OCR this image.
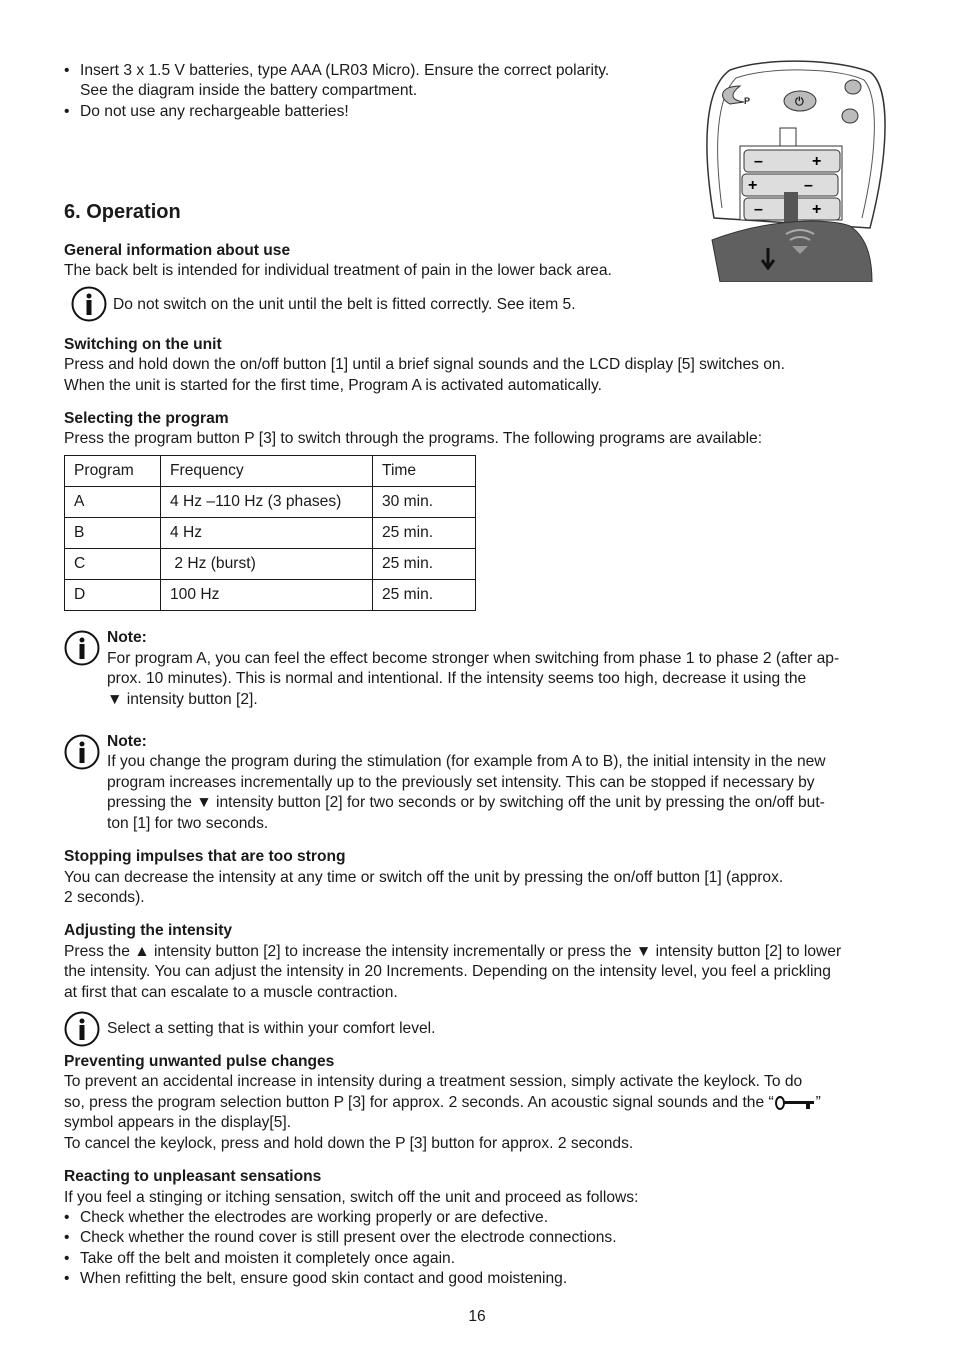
• Insert 3 x 1.5 V batteries, type AAA (LR03 Micro). Ensure the correct polarity.
See the diagram inside the battery compartment.
• Do not use any rechargeable batteries!
P	⏻
–	+
+	–
–	+
6. Operation
General information about use
The back belt is intended for individual treatment of pain in the lower back area.
Do not switch on the unit until the belt is fitted correctly. See item 5.
Switching on the unit
Press and hold down the on/off button [1] until a brief signal sounds and the LCD display [5] switches on.
When the unit is started for the first time, Program A is activated automatically.
Selecting the program
Press the program button P [3] to switch through the programs. The following programs are available:
Program	Frequency	Time
A	4 Hz –110 Hz (3 phases)	30 min.
B	4 Hz	25 min.
C	2 Hz (burst)	25 min.
D	100 Hz	25 min.
Note:
For program A, you can feel the effect become stronger when switching from phase 1 to phase 2 (after ap-
prox. 10 minutes). This is normal and intentional. If the intensity seems too high, decrease it using the
▼ intensity button [2].
Note:
If you change the program during the stimulation (for example from A to B), the initial intensity in the new
program increases incrementally up to the previously set intensity. This can be stopped if necessary by
pressing the ▼ intensity button [2] for two seconds or by switching off the unit by pressing the on/off but-
ton [1] for two seconds.
Stopping impulses that are too strong
You can decrease the intensity at any time or switch off the unit by pressing the on/off button [1] (approx.
2 seconds).
Adjusting the intensity
Press the ▲ intensity button [2] to increase the intensity incrementally or press the ▼ intensity button [2] to lower
the intensity. You can adjust the intensity in 20 Increments. Depending on the intensity level, you feel a prickling
at first that can escalate to a muscle contraction.
Select a setting that is within your comfort level.
Preventing unwanted pulse changes
To prevent an accidental increase in intensity during a treatment session, simply activate the keylock. To do
so, press the program selection button P [3] for approx. 2 seconds. An acoustic signal sounds and the “	”
symbol appears in the display[5].
To cancel the keylock, press and hold down the P [3] button for approx. 2 seconds.
Reacting to unpleasant sensations
If you feel a stinging or itching sensation, switch off the unit and proceed as follows:
• Check whether the electrodes are working properly or are defective.
• Check whether the round cover is still present over the electrode connections.
• Take off the belt and moisten it completely once again.
• When refitting the belt, ensure good skin contact and good moistening.
16
